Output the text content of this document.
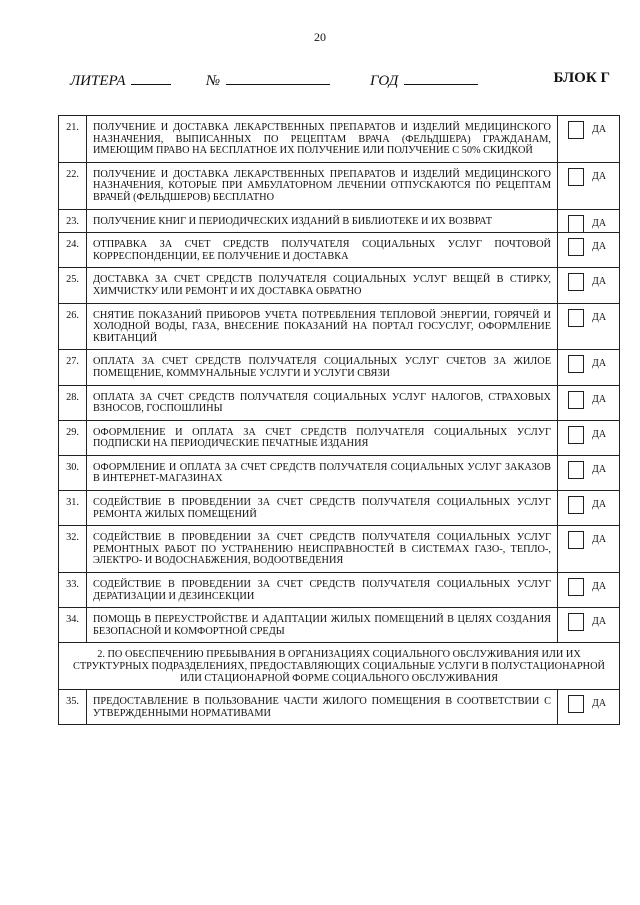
20
ЛИТЕРА	№	ГОД	БЛОК Г
21.	ПОЛУЧЕНИЕ И ДОСТАВКА ЛЕКАРСТВЕННЫХ ПРЕПАРАТОВ И ИЗДЕЛИЙ МЕДИЦИНСКОГО НАЗНАЧЕНИЯ, ВЫПИСАННЫХ ПО РЕЦЕПТАМ ВРАЧА (ФЕЛЬДШЕРА) ГРАЖДАНАМ, ИМЕЮЩИМ ПРАВО НА БЕСПЛАТНОЕ ИХ ПОЛУЧЕНИЕ ИЛИ ПОЛУЧЕНИЕ С 50% СКИДКОЙ	ДА

22.	ПОЛУЧЕНИЕ И ДОСТАВКА ЛЕКАРСТВЕННЫХ ПРЕПАРАТОВ И ИЗДЕЛИЙ МЕДИЦИНСКОГО НАЗНАЧЕНИЯ, КОТОРЫЕ ПРИ АМБУЛАТОРНОМ ЛЕЧЕНИИ ОТПУСКАЮТСЯ ПО РЕЦЕПТАМ ВРАЧЕЙ (ФЕЛЬДШЕРОВ) БЕСПЛАТНО	ДА

23.	ПОЛУЧЕНИЕ КНИГ И ПЕРИОДИЧЕСКИХ ИЗДАНИЙ В БИБЛИОТЕКЕ И ИХ ВОЗВРАТ	ДА

24.	ОТПРАВКА ЗА СЧЕТ СРЕДСТВ ПОЛУЧАТЕЛЯ СОЦИАЛЬНЫХ УСЛУГ ПОЧТОВОЙ КОРРЕСПОНДЕНЦИИ, ЕЕ ПОЛУЧЕНИЕ И ДОСТАВКА	ДА

25.	ДОСТАВКА ЗА СЧЕТ СРЕДСТВ ПОЛУЧАТЕЛЯ СОЦИАЛЬНЫХ УСЛУГ ВЕЩЕЙ В СТИРКУ, ХИМЧИСТКУ ИЛИ РЕМОНТ И ИХ ДОСТАВКА ОБРАТНО	ДА

26.	СНЯТИЕ ПОКАЗАНИЙ ПРИБОРОВ УЧЕТА ПОТРЕБЛЕНИЯ ТЕПЛОВОЙ ЭНЕРГИИ, ГОРЯЧЕЙ И ХОЛОДНОЙ ВОДЫ, ГАЗА, ВНЕСЕНИЕ ПОКАЗАНИЙ НА ПОРТАЛ ГОСУСЛУГ, ОФОРМЛЕНИЕ КВИТАНЦИЙ	ДА

27.	ОПЛАТА ЗА СЧЕТ СРЕДСТВ ПОЛУЧАТЕЛЯ СОЦИАЛЬНЫХ УСЛУГ СЧЕТОВ ЗА ЖИЛОЕ ПОМЕЩЕНИЕ, КОММУНАЛЬНЫЕ УСЛУГИ И УСЛУГИ СВЯЗИ	ДА

28.	ОПЛАТА ЗА СЧЕТ СРЕДСТВ ПОЛУЧАТЕЛЯ СОЦИАЛЬНЫХ УСЛУГ НАЛОГОВ, СТРАХОВЫХ ВЗНОСОВ, ГОСПОШЛИНЫ	ДА

29.	ОФОРМЛЕНИЕ И ОПЛАТА ЗА СЧЕТ СРЕДСТВ ПОЛУЧАТЕЛЯ СОЦИАЛЬНЫХ УСЛУГ ПОДПИСКИ НА ПЕРИОДИЧЕСКИЕ ПЕЧАТНЫЕ ИЗДАНИЯ	ДА

30.	ОФОРМЛЕНИЕ И ОПЛАТА ЗА СЧЕТ СРЕДСТВ ПОЛУЧАТЕЛЯ СОЦИАЛЬНЫХ УСЛУГ ЗАКАЗОВ В ИНТЕРНЕТ-МАГАЗИНАХ	ДА

31.	СОДЕЙСТВИЕ В ПРОВЕДЕНИИ ЗА СЧЕТ СРЕДСТВ ПОЛУЧАТЕЛЯ СОЦИАЛЬНЫХ УСЛУГ РЕМОНТА ЖИЛЫХ ПОМЕЩЕНИЙ	ДА

32.	СОДЕЙСТВИЕ В ПРОВЕДЕНИИ ЗА СЧЕТ СРЕДСТВ ПОЛУЧАТЕЛЯ СОЦИАЛЬНЫХ УСЛУГ РЕМОНТНЫХ РАБОТ ПО УСТРАНЕНИЮ НЕИСПРАВНОСТЕЙ В СИСТЕМАХ ГАЗО-, ТЕПЛО-, ЭЛЕКТРО- И ВОДОСНАБЖЕНИЯ, ВОДООТВЕДЕНИЯ	ДА

33.	СОДЕЙСТВИЕ В ПРОВЕДЕНИИ ЗА СЧЕТ СРЕДСТВ ПОЛУЧАТЕЛЯ СОЦИАЛЬНЫХ УСЛУГ ДЕРАТИЗАЦИИ И ДЕЗИНСЕКЦИИ	ДА

34.	ПОМОЩЬ В ПЕРЕУСТРОЙСТВЕ И АДАПТАЦИИ ЖИЛЫХ ПОМЕЩЕНИЙ В ЦЕЛЯХ СОЗДАНИЯ БЕЗОПАСНОЙ И КОМФОРТНОЙ СРЕДЫ	ДА

2. ПО ОБЕСПЕЧЕНИЮ ПРЕБЫВАНИЯ В ОРГАНИЗАЦИЯХ СОЦИАЛЬНОГО ОБСЛУЖИВАНИЯ ИЛИ ИХ СТРУКТУРНЫХ ПОДРАЗДЕЛЕНИЯХ, ПРЕДОСТАВЛЯЮЩИХ СОЦИАЛЬНЫЕ УСЛУГИ В ПОЛУСТАЦИОНАРНОЙ ИЛИ СТАЦИОНАРНОЙ ФОРМЕ СОЦИАЛЬНОГО ОБСЛУЖИВАНИЯ		
35.	ПРЕДОСТАВЛЕНИЕ В ПОЛЬЗОВАНИЕ ЧАСТИ ЖИЛОГО ПОМЕЩЕНИЯ В СООТВЕТСТВИИ С УТВЕРЖДЕННЫМИ НОРМАТИВАМИ	ДА
